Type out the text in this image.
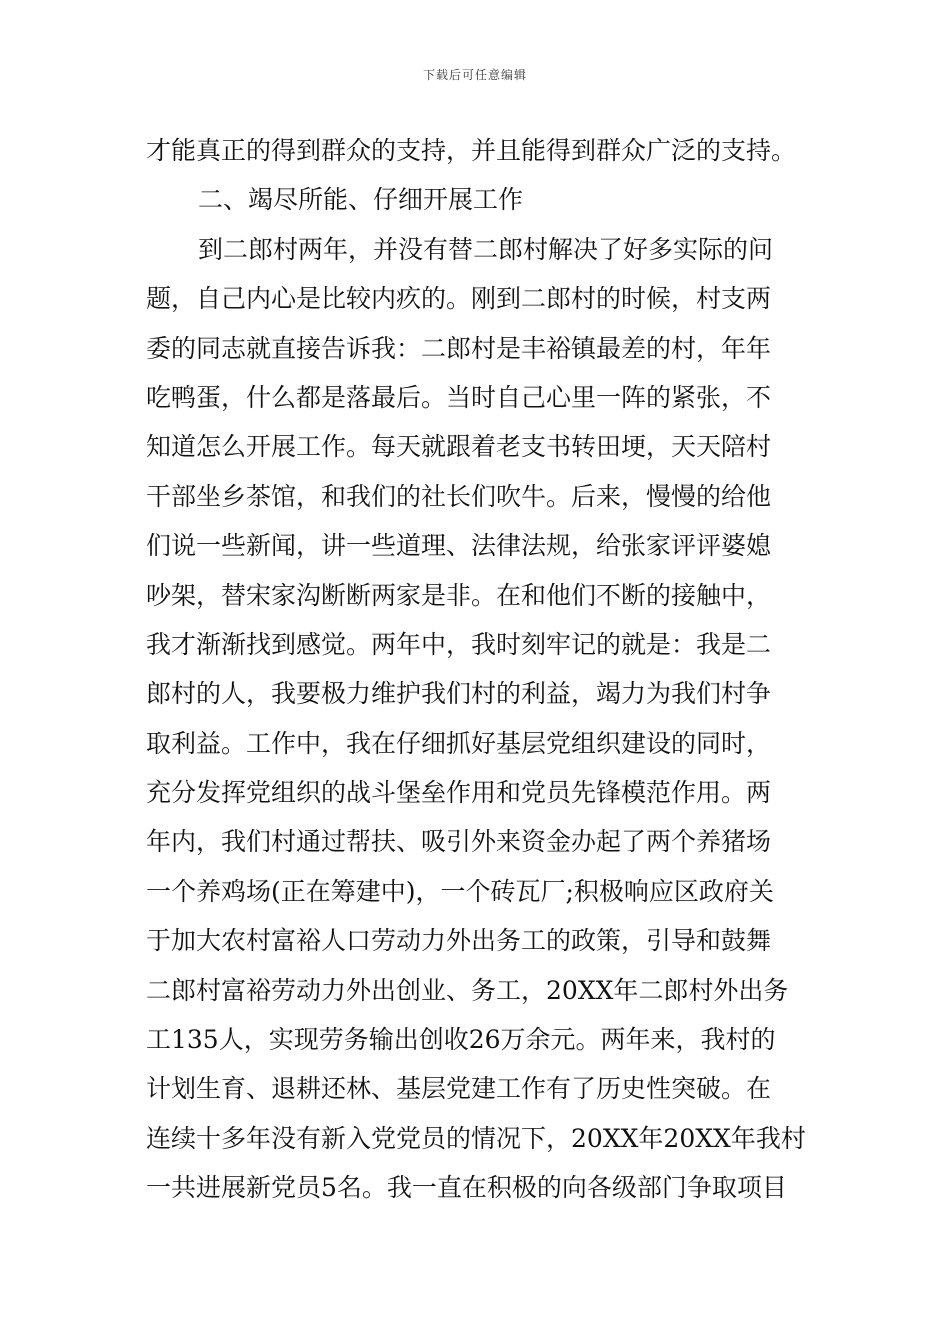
下载后可任意编辑
才能真正的得到群众的支持，并且能得到群众广泛的支持。
二、竭尽所能、仔细开展工作
到二郎村两年，并没有替二郎村解决了好多实际的问
题，自己内心是比较内疚的。刚到二郎村的时候，村支两
委的同志就直接告诉我：二郎村是丰裕镇最差的村，年年
吃鸭蛋，什么都是落最后。当时自己心里一阵的紧张，不
知道怎么开展工作。每天就跟着老支书转田埂，天天陪村
干部坐乡茶馆，和我们的社长们吹牛。后来，慢慢的给他
们说一些新闻，讲一些道理、法律法规，给张家评评婆媳
吵架，替宋家沟断断两家是非。在和他们不断的接触中，
我才渐渐找到感觉。两年中，我时刻牢记的就是：我是二
郎村的人，我要极力维护我们村的利益，竭力为我们村争
取利益。工作中，我在仔细抓好基层党组织建设的同时，
充分发挥党组织的战斗堡垒作用和党员先锋模范作用。两
年内，我们村通过帮扶、吸引外来资金办起了两个养猪场
一个养鸡场(正在筹建中)，一个砖瓦厂;积极响应区政府关
于加大农村富裕人口劳动力外出务工的政策，引导和鼓舞
二郎村富裕劳动力外出创业、务工，20XX年二郎村外出务
工135人，实现劳务输出创收26万余元。两年来，我村的
计划生育、退耕还林、基层党建工作有了历史性突破。在
连续十多年没有新入党党员的情况下，20XX年20XX年我村
一共进展新党员5名。我一直在积极的向各级部门争取项目
